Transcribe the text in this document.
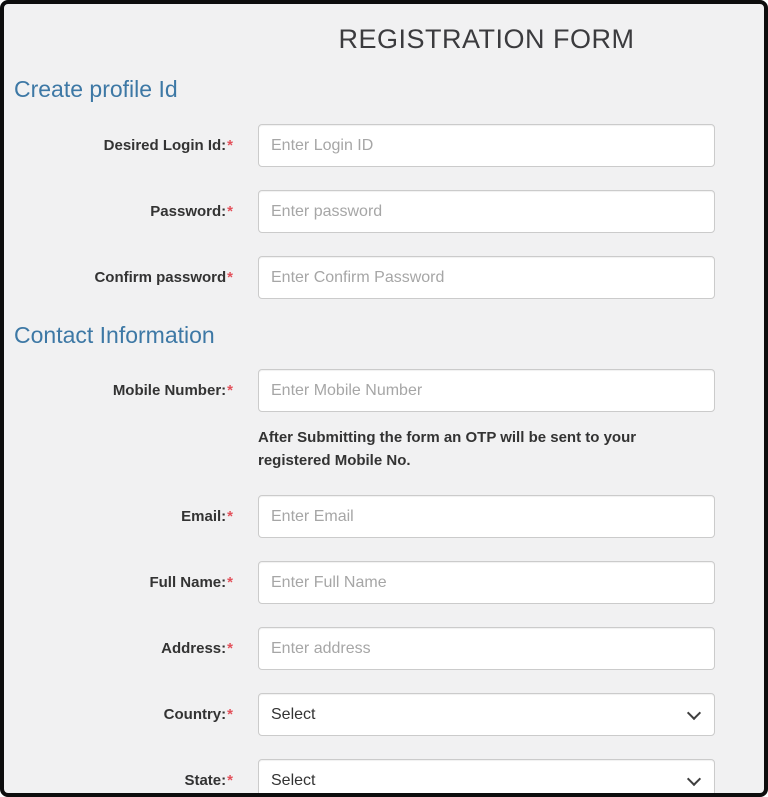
REGISTRATION FORM
Create profile Id
Desired Login Id:*
Enter Login ID
Password:*
Confirm password*
Contact Information
Mobile Number:*
Enter Mobile Number
After Submitting the form an OTP will be sent to your registered Mobile No.
Email:*
Enter Email
Full Name:*
Enter Full Name
Address:*
Enter address
Country:*
Select
State:*
Select
